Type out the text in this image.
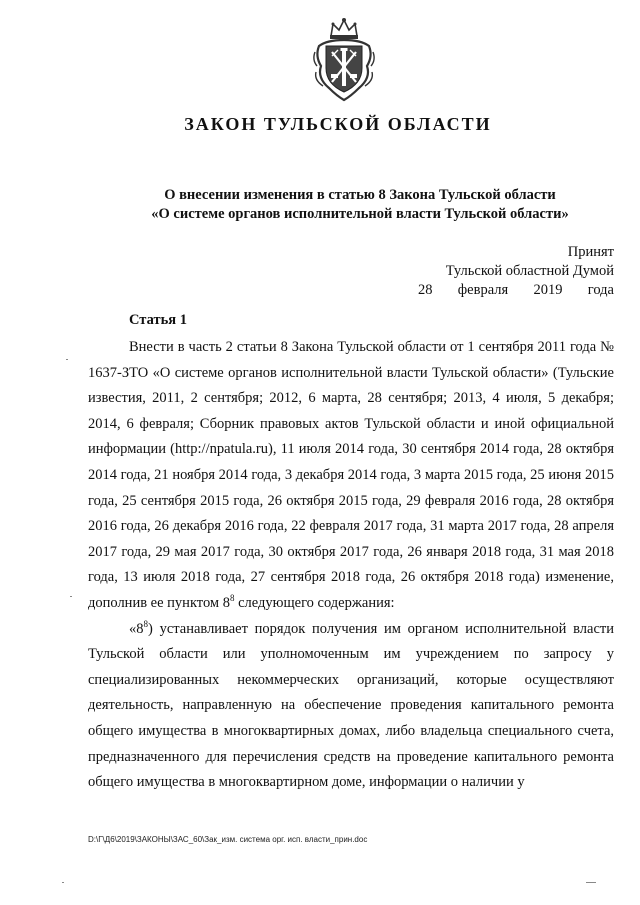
ЗАКОН ТУЛЬСКОЙ ОБЛАСТИ
О внесении изменения в статью 8 Закона Тульской области
«О системе органов исполнительной власти Тульской области»
Принят
Тульской областной Думой
28 февраля 2019 года
Статья 1

Внести в часть 2 статьи 8 Закона Тульской области от 1 сентября 2011 года № 1637-ЗТО «О системе органов исполнительной власти Тульской области» (Тульские известия, 2011, 2 сентября; 2012, 6 марта, 28 сентября; 2013, 4 июля, 5 декабря; 2014, 6 февраля; Сборник правовых актов Тульской области и иной официальной информации (http://npatula.ru), 11 июля 2014 года, 30 сентября 2014 года, 28 октября 2014 года, 21 ноября 2014 года, 3 декабря 2014 года, 3 марта 2015 года, 25 июня 2015 года, 25 сентября 2015 года, 26 октября 2015 года, 29 февраля 2016 года, 28 октября 2016 года, 26 декабря 2016 года, 22 февраля 2017 года, 31 марта 2017 года, 28 апреля 2017 года, 29 мая 2017 года, 30 октября 2017 года, 26 января 2018 года, 31 мая 2018 года, 13 июля 2018 года, 27 сентября 2018 года, 26 октября 2018 года) изменение, дополнив ее пунктом $8^8$ следующего содержания:

«$8^8$) устанавливает порядок получения им органом исполнительной власти Тульской области или уполномоченным им учреждением по запросу у специализированных некоммерческих организаций, которые осуществляют деятельность, направленную на обеспечение проведения капитального ремонта общего имущества в многоквартирных домах, либо владельца специального счета, предназначенного для перечисления средств на проведение капитального ремонта общего имущества в многоквартирном доме, информации о наличии у

D:\Г\Д6\2019\ЗАКОНЫ\ЗАС_60\Зак_изм. система орг. исп. власти_прин.doc
